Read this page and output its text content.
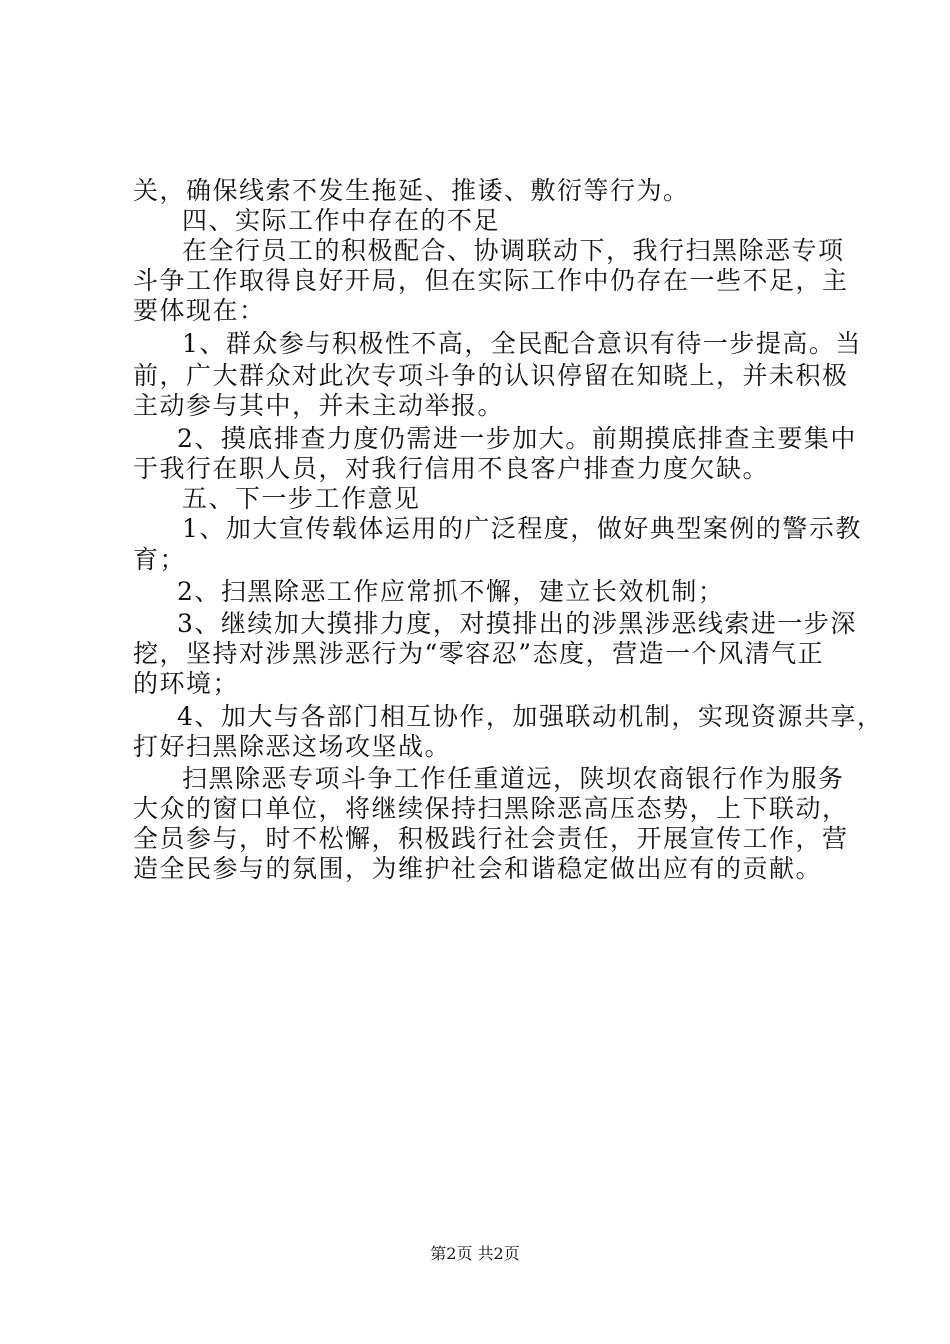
关，确保线索不发生拖延、推诿、敷衍等行为。
四、实际工作中存在的不足
在全行员工的积极配合、协调联动下，我行扫黑除恶专项
斗争工作取得良好开局，但在实际工作中仍存在一些不足，主
要体现在：
1、群众参与积极性不高，全民配合意识有待一步提高。当
前，广大群众对此次专项斗争的认识停留在知晓上，并未积极
主动参与其中，并未主动举报。
2、摸底排查力度仍需进一步加大。前期摸底排查主要集中
于我行在职人员，对我行信用不良客户排查力度欠缺。
五、下一步工作意见
1、加大宣传载体运用的广泛程度，做好典型案例的警示教
育；
2、扫黑除恶工作应常抓不懈，建立长效机制；
3、继续加大摸排力度，对摸排出的涉黑涉恶线索进一步深
挖，坚持对涉黑涉恶行为“零容忍”态度，营造一个风清气正
的环境；
4、加大与各部门相互协作，加强联动机制，实现资源共享，
打好扫黑除恶这场攻坚战。
扫黑除恶专项斗争工作任重道远，陕坝农商银行作为服务
大众的窗口单位，将继续保持扫黑除恶高压态势，上下联动，
全员参与，时不松懈，积极践行社会责任，开展宣传工作，营
造全民参与的氛围，为维护社会和谐稳定做出应有的贡献。
第2页 共2页
